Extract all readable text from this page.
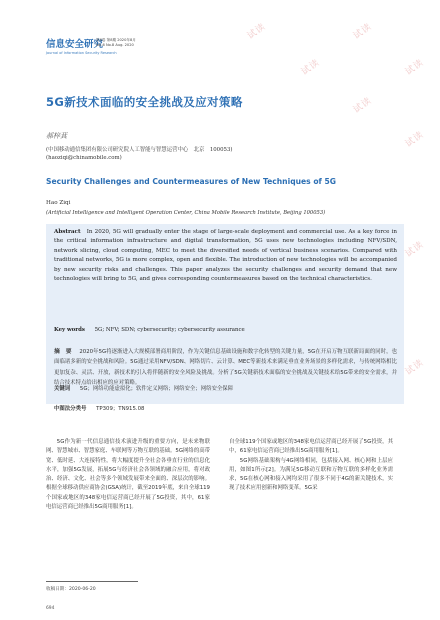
试读	试读
试读	试读
试读
试读
试读
试读
信息安全研究
Journal of Information Security Research
第6卷 第8期 2020年8月
Vol.6 No.8 Aug. 2020
5G新技术面临的安全挑战及应对策略
郝梓萁
(中国移动通信集团有限公司研究院人工智能与智慧运营中心　北京　100053)
(haoziqi@chinamobile.com)
Security Challenges and Countermeasures of New Techniques of 5G
Hao Ziqi
(Artificial Intelligence and Intelligent Operation Center, China Mobile Research Institute, Beijing 100053)
Abstract In 2020, 5G will gradually enter the stage of large-scale deployment and commercial use. As a key force in the critical information infrastructure and digital transformation, 5G uses new technologies including NFV/SDN, network slicing, cloud computing, MEC to meet the diversified needs of vertical business scenarios. Compared with traditional networks, 5G is more complex, open and flexible. The introduction of new technologies will be accompanied by new security risks and challenges. This paper analyzes the security challenges and security demand that new technologies will bring to 5G, and gives corresponding countermeasures based on the technical characteristics.
Key words 5G; NFV; SDN; cybersecurity; cybersecurity assurance
摘　要 2020年5G将逐渐进入大规模部署商用阶段，作为关键信息基础设施和数字化转型的关键力量，5G在开启万物互联新局面的同时，也面临诸多新的安全挑战和风险。5G通过采用NFV/SDN、网络切片、云计算、MEC等新技术来满足垂直业务场景的多样化需求，与传统网络相比更加复杂、灵活、开放，新技术的引入将伴随新的安全风险及挑战。分析了5G关键新技术面临的安全挑战及关键技术给5G带来的安全需求，并结合技术特点给出相应的应对策略。
关键词 5G；网络功能虚拟化；软件定义网络；网络安全；网络安全保障
中图法分类号 TP309；TN915.08

5G作为新一代信息通信技术演进升级的重要方向，是未来物联网、智慧城市、智慧家庭、车联网等万物互联的基础。5G网络的高带宽、低时延、大连接特性，将大幅度提升全社会各垂直行业的信息化水平，加强5G发展，拓展5G与经济社会各领域的融合应用，将对政治、经济、文化、社会等多个领域发展带来全面的、深层次的影响。根据全球移动供应商协会(GSA)统计，截至2019年底，来自全球119个国家或地区的348家电信运营商已经开展了5G投资，其中，61家电信运营商已经推出5G商用服务[1]。

自全球119个国家或地区的348家电信运营商已经开展了5G投资，其中，61家电信运营商已经推出5G商用服务[1]。

5G网络基础架构与4G网络相同，包括接入网、核心网和上层应用，如图1所示[2]。为满足5G移动互联和万物互联的多样化业务需求，5G在核心网和接入网均采用了很多不同于4G的新关键技术，实现了技术应用创新和网络变革。5G采

收稿日期：2020-06-20
694
